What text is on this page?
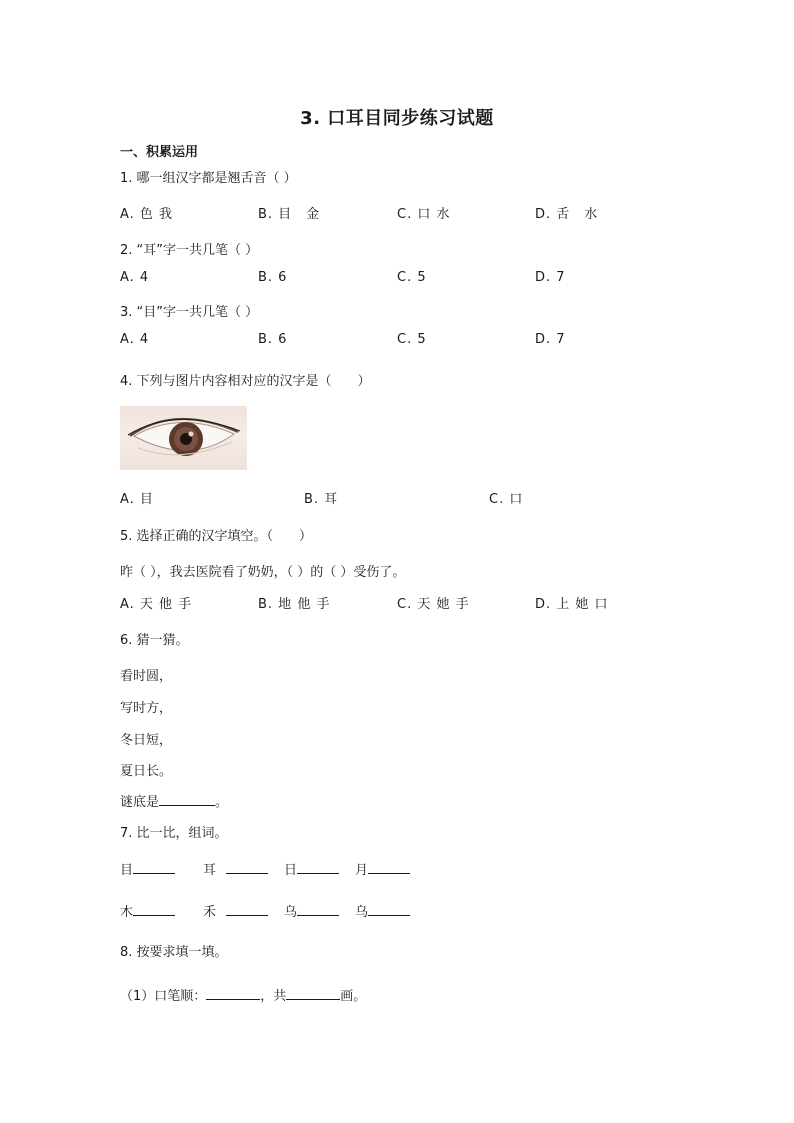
3. 口耳目同步练习试题
一、积累运用
1. 哪一组汉字都是翘舌音（ ）
A. 色 我	B. 目　金	C. 口 水	D. 舌　水
2. “耳”字一共几笔（ ）
A. 4	B. 6	C. 5	D. 7
3. “目”字一共几笔（ ）
A. 4	B. 6	C. 5	D. 7
4. 下列与图片内容相对应的汉字是（　　）
A. 目	B. 耳	C. 口
5. 选择正确的汉字填空。（　　）
昨（ ），我去医院看了奶奶，（ ）的（ ）受伤了。
A. 天 他 手	B. 地 他 手	C. 天 她 手	D. 上 她 口
6. 猜一猜。
看时圆，
写时方，
冬日短，
夏日长。
谜底是	。
7. 比一比，组词。
目	耳	日	月
木	禾	乌	乌
8. 按要求填一填。
（1）口笔顺：	，共	画。
